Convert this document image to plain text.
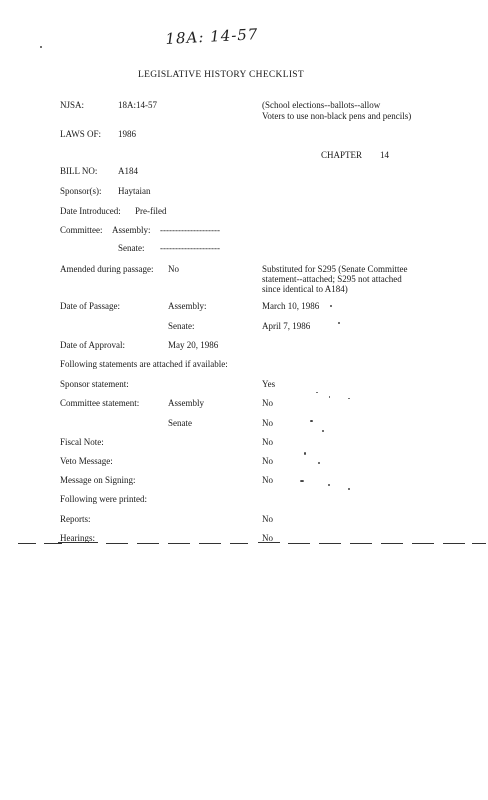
18A: 14-57
LEGISLATIVE HISTORY CHECKLIST
NJSA:	18A:14-57	(School elections--ballots--allow
Voters to use non-black pens and pencils)
LAWS OF: 1986
CHAPTER 14
BILL NO: A184
Sponsor(s): Haytaian
Date Introduced: Pre-filed
Committee: Assembly: --------------------
Senate: --------------------
Amended during passage: No	Substituted for S295 (Senate Committee
statement--attached; S295 not attached
since identical to A184)
Date of Passage:	Assembly:	March 10, 1986
Senate:	April 7, 1986
Date of Approval:	May 20, 1986
Following statements are attached if available:
Sponsor statement:	Yes
Committee statement:	Assembly	No
Senate	No
Fiscal Note:	No
Veto Message:	No
Message on Signing:	No
Following were printed:
Reports:	No
Hearings:	No
